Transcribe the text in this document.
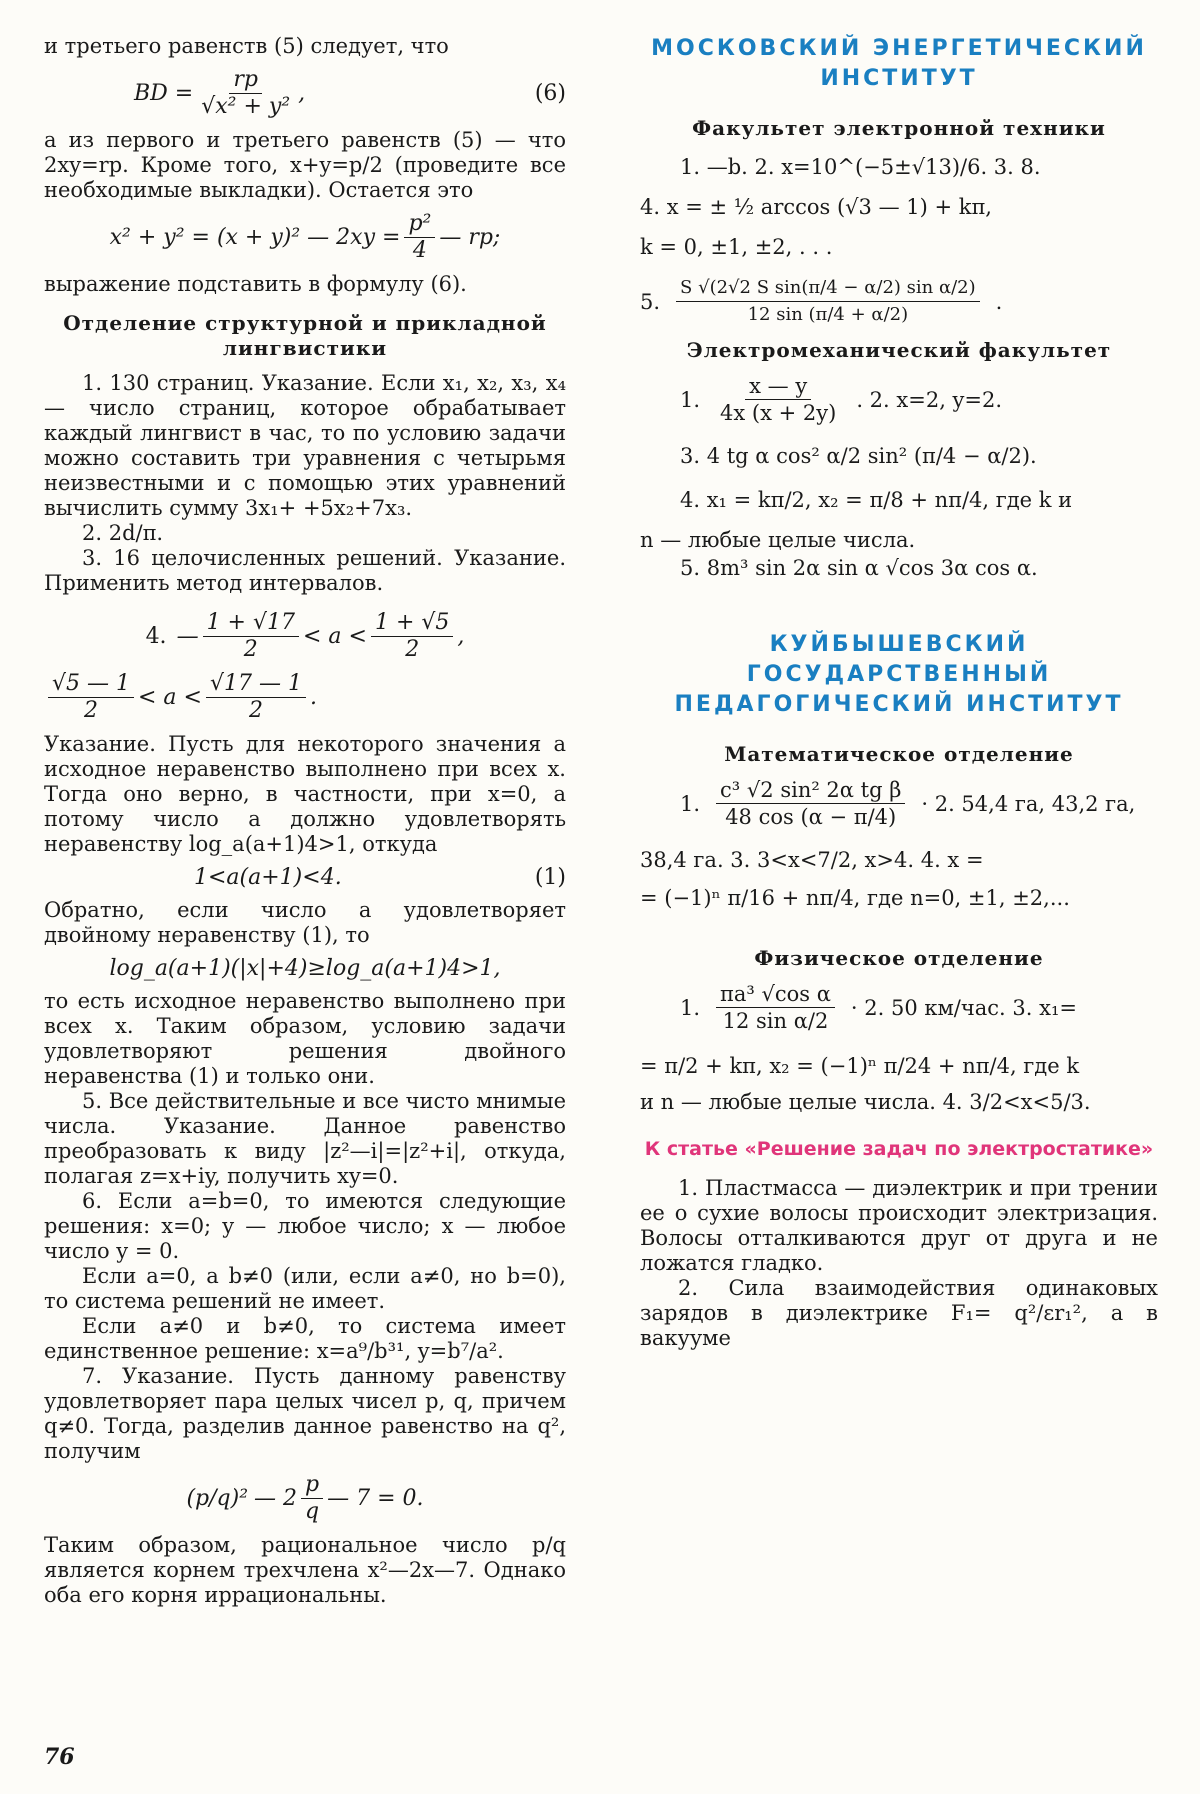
и третьего равенств (5) следует, что

BD = $\frac{rp}{\text{√x² + y²}}$ ,	(6)

а из первого и третьего равенств (5) — что 2xy=rp. Кроме того, x+y=p/2 (проведите все необходимые выкладки). Остается это

x² + y² = (x + y)² — $2xy = \frac{\text{p²}}{4}$ — rp;

выражение подставить в формулу (6).

Отделение структурной и прикладной лингвистики

1. 130 страниц. Указание. Если x₁, x₂, x₃, x₄ — число страниц, которое обрабатывает каждый лингвист в час, то по условию задачи можно составить три уравнения с четырьмя неизвестными и с помощью этих уравнений вычислить сумму 3x₁+ +5x₂+7x₃.

2. 2d/π.

3. 16 целочисленных решений. Указание. Применить метод интервалов.

4. — $\frac{1 + √17}{2} < a < \frac{1 + √5}{2}$ ,
$\frac{√5 — 1}{2} < a < \frac{√17 — 1}{2}$ .

Указание. Пусть для некоторого значения a исходное неравенство выполнено при всех x. Тогда оно верно, в частности, при x=0, а потому число a должно удовлетворять неравенству log_a(a+1)4>1, откуда

1<a(a+1)<4.	(1)

Обратно, если число a удовлетворяет двойному неравенству (1), то

log_a(a+1)(|x|+4)≥log_a(a+1)4>1,

то есть исходное неравенство выполнено при всех x. Таким образом, условию задачи удовлетворяют решения двойного неравенства (1) и только они.

5. Все действительные и все чисто мнимые числа. Указание. Данное равенство преобразовать к виду |z²—i|=|z²+i|, откуда, полагая z=x+iy, получить xy=0.

6. Если a=b=0, то имеются следующие решения: x=0; y — любое число; x — любое число y = 0.

Если a=0, а b≠0 (или, если a≠0, но b=0), то система решений не имеет.

Если a≠0 и b≠0, то система имеет единственное решение: x=a⁹/b³¹, y=b⁷/a².

7. Указание. Пусть данному равенству удовлетворяет пара целых чисел p, q, причем q≠0. Тогда, разделив данное равенство на q², получим

(p/q)² — $2 \frac{p}{q}$ — 7 = 0.

Таким образом, рациональное число p/q является корнем трехчлена x²—2x—7. Однако оба его корня иррациональны.

МОСКОВСКИЙ ЭНЕРГЕТИЧЕСКИЙ ИНСТИТУТ

Факультет электронной техники

1. —b. 2. x=10^(−5±√13)/6. 3. 8.

4. x = ± ½ arccos (√3 — 1) + kπ,

k = 0, ±1, ±2, . . .

5. $\frac{\text{S √(2√2 S sin(π/4 − α/2) sin α/2)}}{12 \sin (\pi/4 + \alpha/2)}$ .

Электромеханический факультет

1. $\frac{x — y}{4x (x + 2y)}$ . 2. x=2, y=2.

3. 4 tg α cos² α/2 sin² (π/4 − α/2).

4. x₁ = kπ/2, x₂ = π/8 + nπ/4, где k и

n — любые целые числа.

5. 8m³ sin 2α sin α √cos 3α cos α.

КУЙБЫШЕВСКИЙ ГОСУДАРСТВЕННЫЙ ПЕДАГОГИЧЕСКИЙ ИНСТИТУТ

Математическое отделение

1. $\frac{\text{c³ √2 sin² 2α tg β}}{48 \cos (\alpha - \pi/4)} \cdot 2$. 54,4 га, 43,2 га,

38,4 га. 3. 3<x<7/2, x>4. 4. x =

= (−1)ⁿ π/16 + nπ/4, где n=0, ±1, ±2,...

Физическое отделение

1. $\frac{\text{πa³ √cos α}}{\text{12 sin α/2}} \cdot 2$. 50 км/час. 3. x₁=

= π/2 + kπ, x₂ = (−1)ⁿ π/24 + nπ/4, где k

и n — любые целые числа. 4. 3/2<x<5/3.

К статье «Решение задач по электростатике»

1. Пластмасса — диэлектрик и при трении ее о сухие волосы происходит электризация. Волосы отталкиваются друг от друга и не ложатся гладко.

2. Сила взаимодействия одинаковых зарядов в диэлектрике F₁= q²/εr₁², а в вакууме

76
